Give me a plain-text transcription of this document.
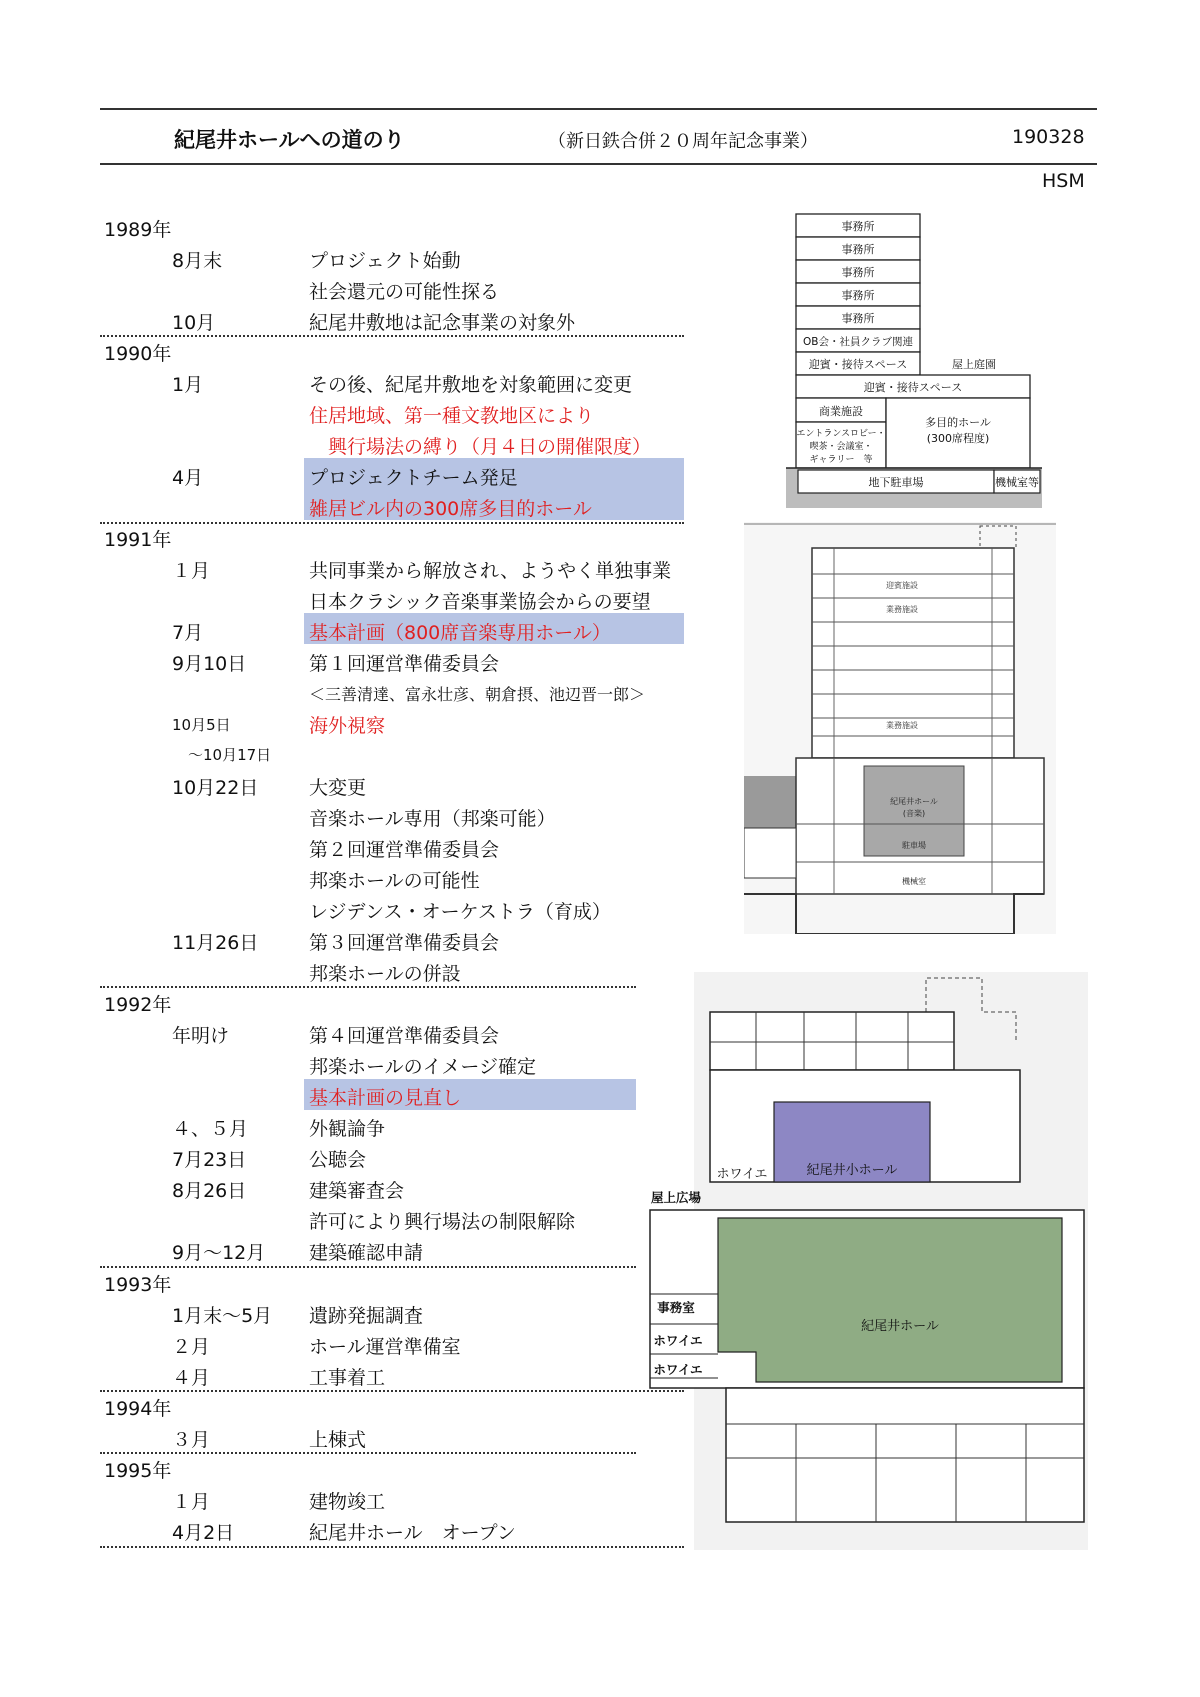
紀尾井ホールへの道のり	（新日鉄合併２０周年記念事業）	190328
HSM
1989年
8月末	プロジェクト始動
社会還元の可能性探る
10月	紀尾井敷地は記念事業の対象外
1990年
1月	その後、紀尾井敷地を対象範囲に変更
住居地域、第一種文教地区により
　興行場法の縛り（月４日の開催限度）
4月	プロジェクトチーム発足
雑居ビル内の300席多目的ホール
1991年
１月	共同事業から解放され、ようやく単独事業
日本クラシック音楽事業協会からの要望
7月	基本計画（800席音楽専用ホール）
9月10日	第１回運営準備委員会
＜三善清達、富永壮彦、朝倉摂、池辺晋一郎＞
10月5日	海外視察
～10月17日
10月22日	大変更
音楽ホール専用（邦楽可能）
第２回運営準備委員会
邦楽ホールの可能性
レジデンス・オーケストラ（育成）
11月26日	第３回運営準備委員会
邦楽ホールの併設
1992年
年明け	第４回運営準備委員会
邦楽ホールのイメージ確定
基本計画の見直し
４、５月	外観論争
7月23日	公聴会
8月26日	建築審査会
許可により興行場法の制限解除
9月～12月 建築確認申請
1993年
1月末～5月 遺跡発掘調査
２月	ホール運営準備室
４月	工事着工
1994年
３月	上棟式
1995年
１月	建物竣工
4月2日	紀尾井ホール　オープン
事務所
事務所
事務所
事務所
事務所
OB会・社員クラブ関連
迎賓・接待スペース	屋上庭園
迎賓・接待スペース
商業施設
多目的ホール
(300席程度)
エントランスロビー・
喫茶・会議室・
ギャラリー　等
地下駐車場	機械室等
迎賓施設
業務施設
業務施設
紀尾井ホール
(音楽)
駐車場
機械室
紀尾井小ホール
ホワイエ
屋上広場
事務室
ホワイエ
ホワイエ
紀尾井ホール
